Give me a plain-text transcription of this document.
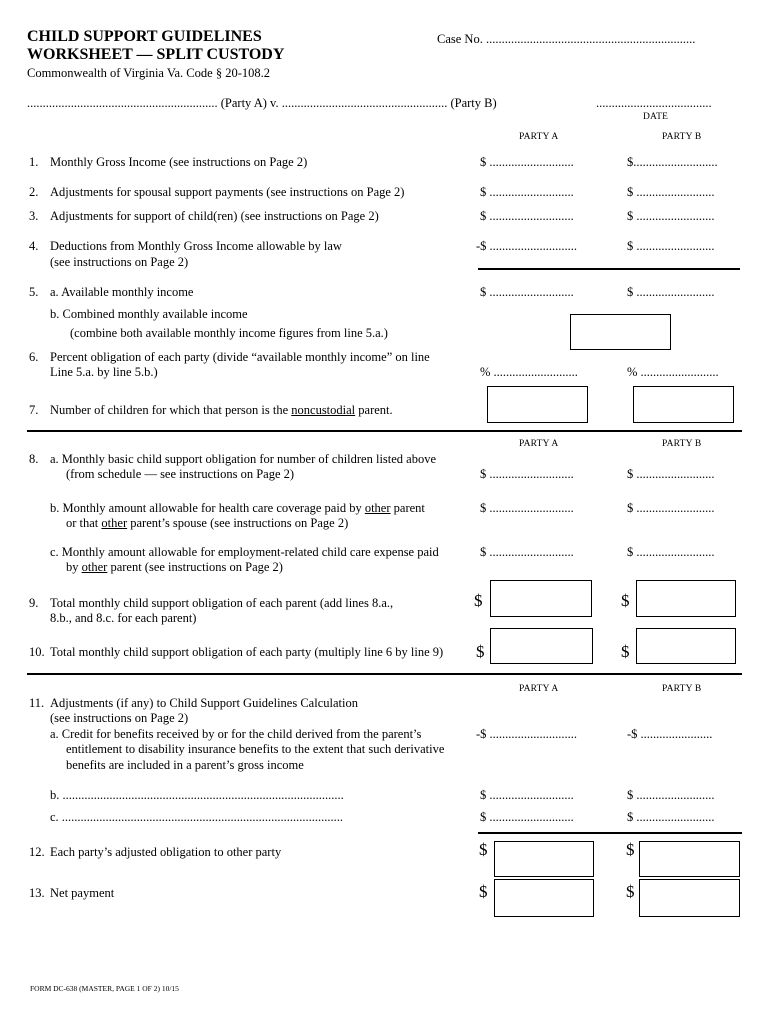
CHILD SUPPORT GUIDELINES
WORKSHEET — SPLIT CUSTODY
Commonwealth of Virginia Va. Code § 20-108.2
Case No. ...................................................................
............................................................. (Party A) v. ..................................................... (Party B)	.....................................
DATE
PARTY A	PARTY B
1. Monthly Gross Income (see instructions on Page 2)	$ ...........................	$...........................
2. Adjustments for spousal support payments (see instructions on Page 2)	$ ...........................	$ .........................
3. Adjustments for support of child(ren) (see instructions on Page 2)	$ ...........................	$ .........................
4. Deductions from Monthly Gross Income allowable by law
(see instructions on Page 2)
-$ ............................	$ .........................
5. a. Available monthly income	$ ...........................	$ .........................
b. Combined monthly available income
(combine both available monthly income figures from line 5.a.)
6. Percent obligation of each party (divide “available monthly income” on line
Line 5.a. by line 5.b.)	% ...........................	% .........................
7. Number of children for which that person is the noncustodial parent.
PARTY A	PARTY B
8. a. Monthly basic child support obligation for number of children listed above
(from schedule — see instructions on Page 2)	$ ...........................	$ .........................
b. Monthly amount allowable for health care coverage paid by other parent
or that other parent’s spouse (see instructions on Page 2)
$ ...........................	$ .........................
c. Monthly amount allowable for employment-related child care expense paid
by other parent (see instructions on Page 2)
$ ...........................	$ .........................
9. Total monthly child support obligation of each parent (add lines 8.a.,
8.b., and 8.c. for each parent)
$	$
10. Total monthly child support obligation of each party (multiply line 6 by line 9) $	$
PARTY A	PARTY B
11. Adjustments (if any) to Child Support Guidelines Calculation
(see instructions on Page 2)
a. Credit for benefits received by or for the child derived from the parent’s
entitlement to disability insurance benefits to the extent that such derivative
benefits are included in a parent’s gross income
-$ ............................	-$ .......................
b. ..........................................................................................	$ ...........................	$ .........................
c. ..........................................................................................	$ ...........................	$ .........................
12. Each party’s adjusted obligation to other party	$	$
13. Net payment	$	$
FORM DC-638 (MASTER, PAGE 1 OF 2) 10/15
